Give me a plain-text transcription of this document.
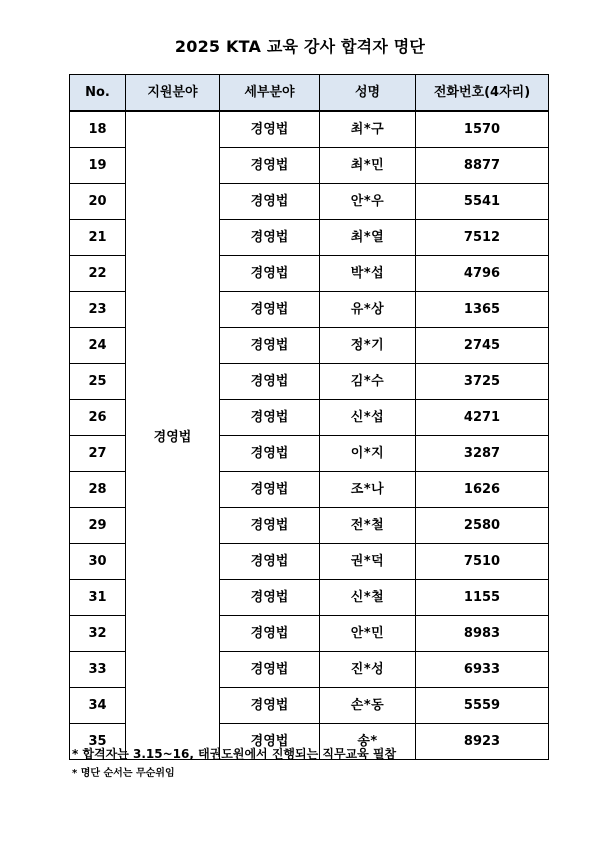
2025 KTA 교육 강사 합격자 명단
No.	지원분야	세부분야	성명	전화번호(4자리)
18	경영법	경영법	최*구	1570
19		경영법	최*민	8877
20		경영법	안*우	5541
21		경영법	최*열	7512
22		경영법	박*섭	4796
23		경영법	유*상	1365
24		경영법	정*기	2745
25		경영법	김*수	3725
26		경영법	신*섭	4271
27		경영법	이*지	3287
28		경영법	조*나	1626
29		경영법	전*철	2580
30		경영법	권*덕	7510
31		경영법	신*철	1155
32		경영법	안*민	8983
33		경영법	진*성	6933
34		경영법	손*동	5559
35		경영법	송*	8923
* 합격자는 3.15~16, 태권도원에서 진행되는 직무교육 필참
* 명단 순서는 무순위임
